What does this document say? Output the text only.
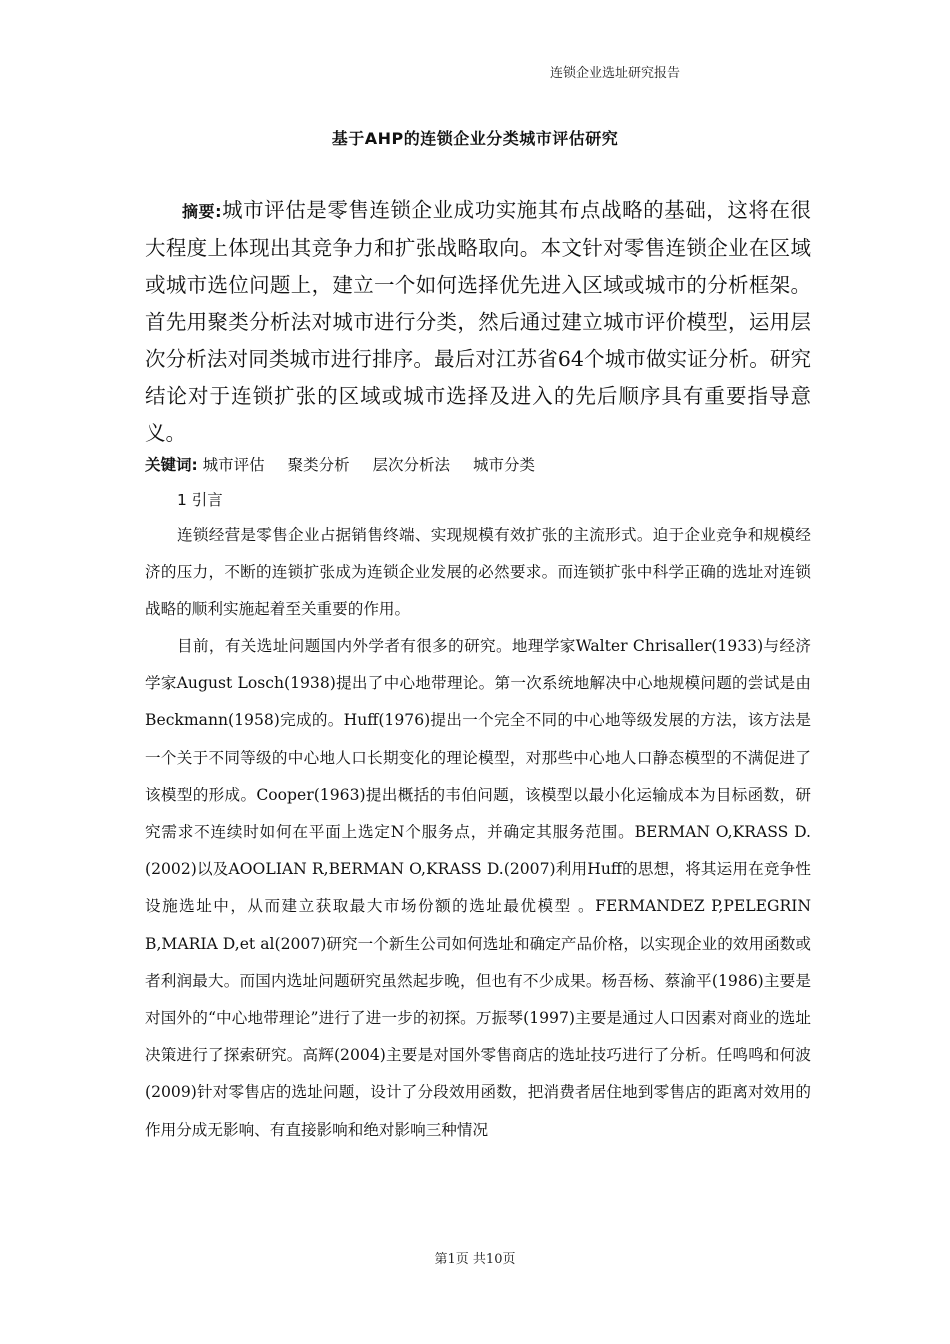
连锁企业选址研究报告
基于AHP的连锁企业分类城市评估研究
摘要:城市评估是零售连锁企业成功实施其布点战略的基础，这将在很大程度上体现出其竞争力和扩张战略取向。本文针对零售连锁企业在区域或城市选位问题上，建立一个如何选择优先进入区域或城市的分析框架。首先用聚类分析法对城市进行分类，然后通过建立城市评价模型，运用层次分析法对同类城市进行排序。最后对江苏省64个城市做实证分析。研究结论对于连锁扩张的区域或城市选择及进入的先后顺序具有重要指导意义。
关键词: 城市评估 聚类分析 层次分析法 城市分类
1 引言

连锁经营是零售企业占据销售终端、实现规模有效扩张的主流形式。迫于企业竞争和规模经济的压力，不断的连锁扩张成为连锁企业发展的必然要求。而连锁扩张中科学正确的选址对连锁战略的顺利实施起着至关重要的作用。

目前，有关选址问题国内外学者有很多的研究。地理学家Walter Chrisaller(1933)与经济学家August Losch(1938)提出了中心地带理论。第一次系统地解决中心地规模问题的尝试是由Beckmann(1958)完成的。Huff(1976)提出一个完全不同的中心地等级发展的方法，该方法是一个关于不同等级的中心地人口长期变化的理论模型，对那些中心地人口静态模型的不满促进了该模型的形成。Cooper(1963)提出概括的韦伯问题，该模型以最小化运输成本为目标函数，研究需求不连续时如何在平面上选定N个服务点，并确定其服务范围。BERMAN O,KRASS D.(2002)以及AOOLIAN R,BERMAN O,KRASS D.(2007)利用Huff的思想，将其运用在竞争性设施选址中，从而建立获取最大市场份额的选址最优模型 。FERMANDEZ P,PELEGRIN B,MARIA D,et al(2007)研究一个新生公司如何选址和确定产品价格，以实现企业的效用函数或者利润最大。而国内选址问题研究虽然起步晚，但也有不少成果。杨吾杨、蔡渝平(1986)主要是对国外的“中心地带理论”进行了进一步的初探。万振琴(1997)主要是通过人口因素对商业的选址决策进行了探索研究。高辉(2004)主要是对国外零售商店的选址技巧进行了分析。任鸣鸣和何波(2009)针对零售店的选址问题，设计了分段效用函数，把消费者居住地到零售店的距离对效用的作用分成无影响、有直接影响和绝对影响三种情况

第1页 共10页
